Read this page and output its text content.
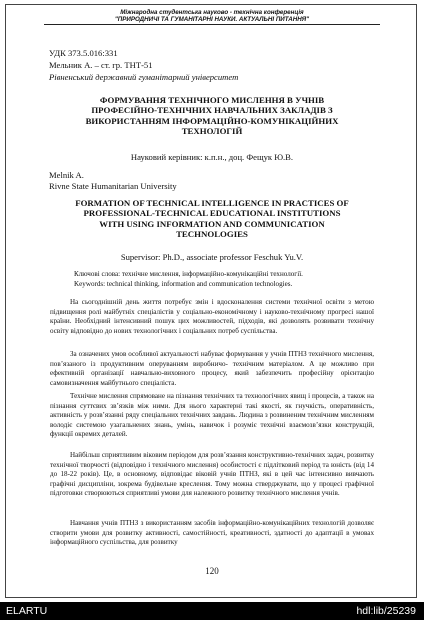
Міжнародна студентська науково - технічна конференція
"ПРИРОДНИЧІ ТА ГУМАНІТАРНІ НАУКИ. АКТУАЛЬНІ ПИТАННЯ"
УДК 373.5.016:331
Мельник А. – ст. гр. ТНТ-51
Рівненський державний гуманітарний університет
ФОРМУВАННЯ ТЕХНІЧНОГО МИСЛЕННЯ В УЧНІВ
ПРОФЕСІЙНО-ТЕХНІЧНИХ НАВЧАЛЬНИХ ЗАКЛАДІВ З
ВИКОРИСТАННЯМ ІНФОРМАЦІЙНО-КОМУНІКАЦІЙНИХ
ТЕХНОЛОГІЙ
Науковий керівник: к.п.н., доц. Фещук Ю.В.
Melnik A.
Rivne State Humanitarian University
FORMATION OF TECHNICAL INTELLIGENCE IN PRACTICES OF
PROFESSIONAL-TECHNICAL EDUCATIONAL INSTITUTIONS
WITH USING INFORMATION AND COMMUNICATION
TECHNOLOGIES
Supervisor: Ph.D., associate professor Feschuk Yu.V.
Ключові слова: технічне мислення, інформаційно-комунікаційні технології.
Keywords: technical thinking, information and communication technologies.
На сьогоднішній день життя потребує змін і вдосконалення системи технічної освіти з метою підвищення ролі майбутніх спеціалістів у соціально-економічному і науково-технічному прогресі нашої країни. Необхідний інтенсивний пошук цих можливостей, підходів, які дозволять розвивати технічну освіту відповідно до нових технологічних і соціальних потреб суспільства.
За означених умов особливої актуальності набуває формування у учнів ПТНЗ технічного мислення, пов’язаного із продуктивним оперуванням виробничо- технічним матеріалом. А це можливо при ефективній організації навчально-виховного процесу, який забезпечить професійну орієнтацію самовизначення майбутнього спеціаліста.
Технічне мислення спрямоване на пізнання технічних та технологічних явищ і процесів, а також на пізнання суттєвих зв’язків між ними. Для нього характерні такі якості, як гнучкість, оперативність, активність у розв’язанні ряду спеціальних технічних завдань. Людина з розвиненим технічним мисленням володіє системою узагальнених знань, умінь, навичок і розуміє технічні взаємозв’язки конструкцій, функції окремих деталей.
Найбільш сприятливим віковим періодом для розв’язання конструктивно-технічних задач, розвитку технічної творчості (відповідно і технічного мислення) особистості є підлітковий період та юність (від 14 до 18-22 років). Це, в основному, відповідає віковій учнів ПТНЗ, які в цей час інтенсивно вивчають графічні дисципліни, зокрема будівельне креслення. Тому можна стверджувати, що у процесі графічної підготовки створюються сприятливі умови для належного розвитку технічного мислення учнів.
Навчання учнів ПТНЗ з використанням засобів інформаційно-комунікаційних технологій дозволяє створити умови для розвитку активності, самостійності, креативності, здатності до адаптації в умовах інформаційного суспільства, для розвитку
120
ELARTU	hdl:lib/25239
